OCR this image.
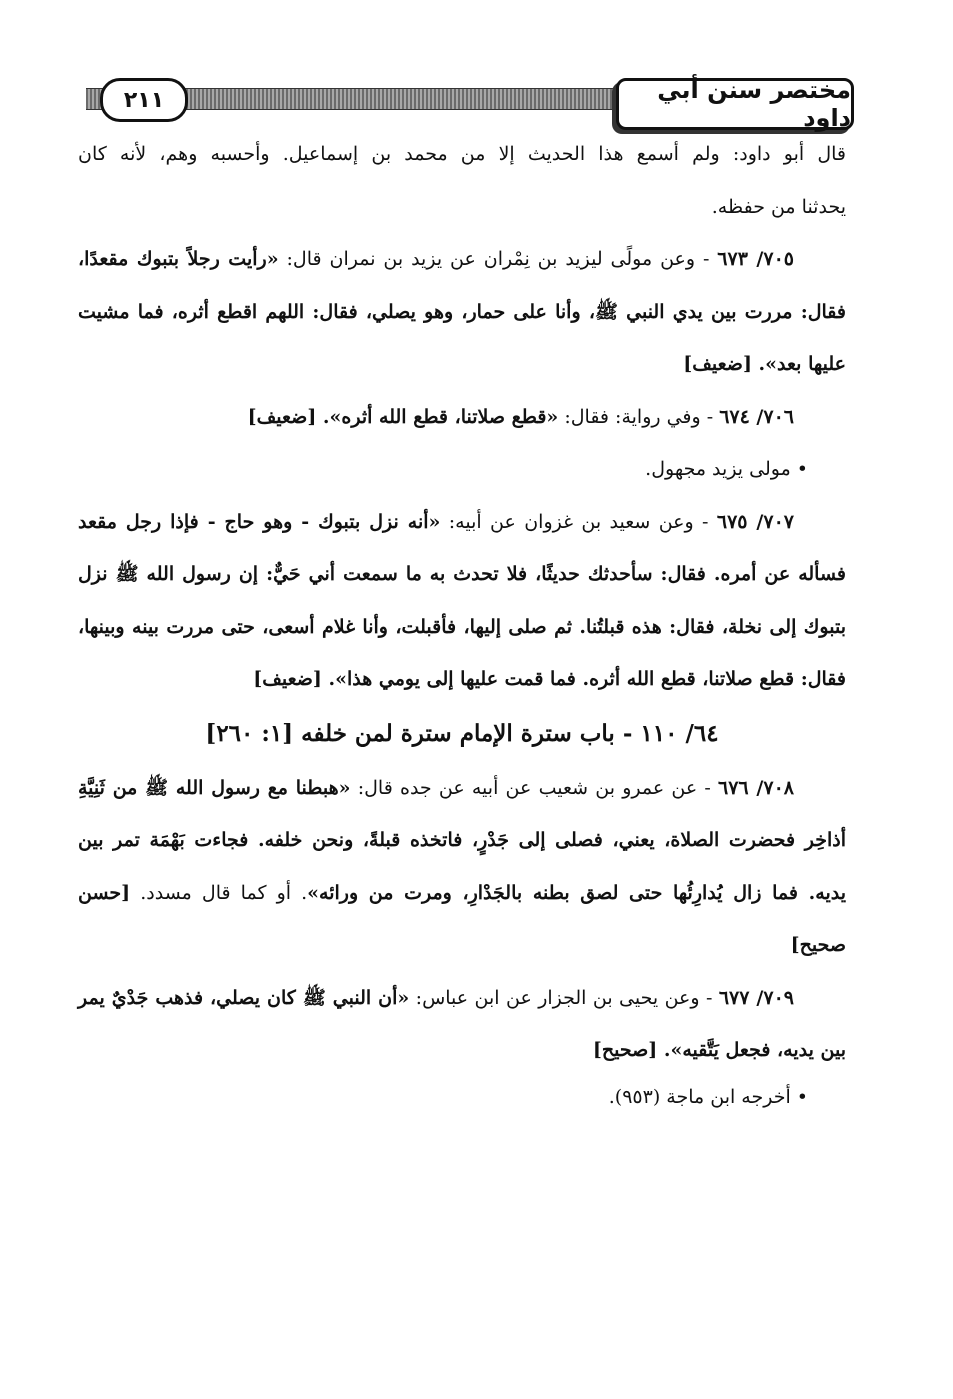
٢١١	مختصر سنن أبي داود

قال أبو داود: ولم أسمع هذا الحديث إلا من محمد بن إسماعيل. وأحسبه وهم، لأنه كان

يحدثنا من حفظه.

٧٠٥/ ٦٧٣ - وعن مولًى ليزيد بن نِمْران عن يزيد بن نمران قال: «رأيت رجلاً بتبوك مقعدًا، فقال: مررت بين يدي النبي ﷺ، وأنا على حمار، وهو يصلي، فقال: اللهم اقطع أثره، فما مشيت عليها بعد». [ضعيف]

٧٠٦/ ٦٧٤ - وفي رواية: فقال: «قطع صلاتنا، قطع الله أثره». [ضعيف]

• مولى يزيد مجهول.

٧٠٧/ ٦٧٥ - وعن سعيد بن غزوان عن أبيه: «أنه نزل بتبوك - وهو حاج - فإذا رجل مقعد فسأله عن أمره. فقال: سأحدثك حديثًا، فلا تحدث به ما سمعت أني حَيٌّ: إن رسول الله ﷺ نزل بتبوك إلى نخلة، فقال: هذه قبلتُنا. ثم صلى إليها، فأقبلت، وأنا غلام أسعى، حتى مررت بينه وبينها، فقال: قطع صلاتنا، قطع الله أثره. فما قمت عليها إلى يومي هذا». [ضعيف]

٦٤/ ١١٠ - باب سترة الإمام سترة لمن خلفه [١: ٢٦٠]

٧٠٨/ ٦٧٦ - عن عمرو بن شعيب عن أبيه عن جده قال: «هبطنا مع رسول الله ﷺ من ثَنِيَّةِ أذاخِر فحضرت الصلاة، يعني، فصلى إلى جَدْرٍ، فاتخذه قبلةً، ونحن خلفه. فجاءت بَهْمَة تمر بين يديه. فما زال يُدارِئُها حتى لصق بطنه بالجَدْارِ، ومرت من ورائه». أو كما قال مسدد. [حسن صحيح]

٧٠٩/ ٦٧٧ - وعن يحيى بن الجزار عن ابن عباس: «أن النبي ﷺ كان يصلي، فذهب جَدْيٌ يمر بين يديه، فجعل يَتَّقيه». [صحيح]

• أخرجه ابن ماجة (٩٥٣).
